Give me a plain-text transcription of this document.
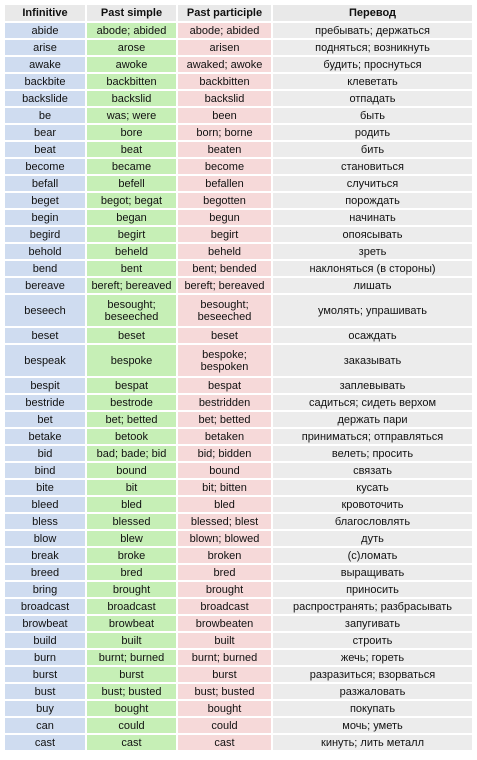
Infinitive	Past simple	Past participle	Перевод
abide	abode; abided	abode; abided	пребывать; держаться
arise	arose	arisen	подняться; возникнуть
awake	awoke	awaked; awoke	будить; проснуться
backbite	backbitten	backbitten	клеветать
backslide	backslid	backslid	отпадать
be	was; were	been	быть
bear	bore	born; borne	родить
beat	beat	beaten	бить
become	became	become	становиться
befall	befell	befallen	случиться
beget	begot; begat	begotten	порождать
begin	began	begun	начинать
begird	begirt	begirt	опоясывать
behold	beheld	beheld	зреть
bend	bent	bent; bended	наклоняться (в стороны)
bereave	bereft; bereaved	bereft; bereaved	лишать
beseech	besought; beseeched	besought; beseeched	умолять; упрашивать
beset	beset	beset	осаждать
bespeak	bespoke	bespoke; bespoken	заказывать
bespit	bespat	bespat	заплевывать
bestride	bestrode	bestridden	садиться; сидеть верхом
bet	bet; betted	bet; betted	держать пари
betake	betook	betaken	приниматься; отправляться
bid	bad; bade; bid	bid; bidden	велеть; просить
bind	bound	bound	связать
bite	bit	bit; bitten	кусать
bleed	bled	bled	кровоточить
bless	blessed	blessed; blest	благословлять
blow	blew	blown; blowed	дуть
break	broke	broken	(с)ломать
breed	bred	bred	выращивать
bring	brought	brought	приносить
broadcast	broadcast	broadcast	распространять; разбрасывать
browbeat	browbeat	browbeaten	запугивать
build	built	built	строить
burn	burnt; burned	burnt; burned	жечь; гореть
burst	burst	burst	разразиться; взорваться
bust	bust; busted	bust; busted	разжаловать
buy	bought	bought	покупать
can	could	could	мочь; уметь
cast	cast	cast	кинуть; лить металл
